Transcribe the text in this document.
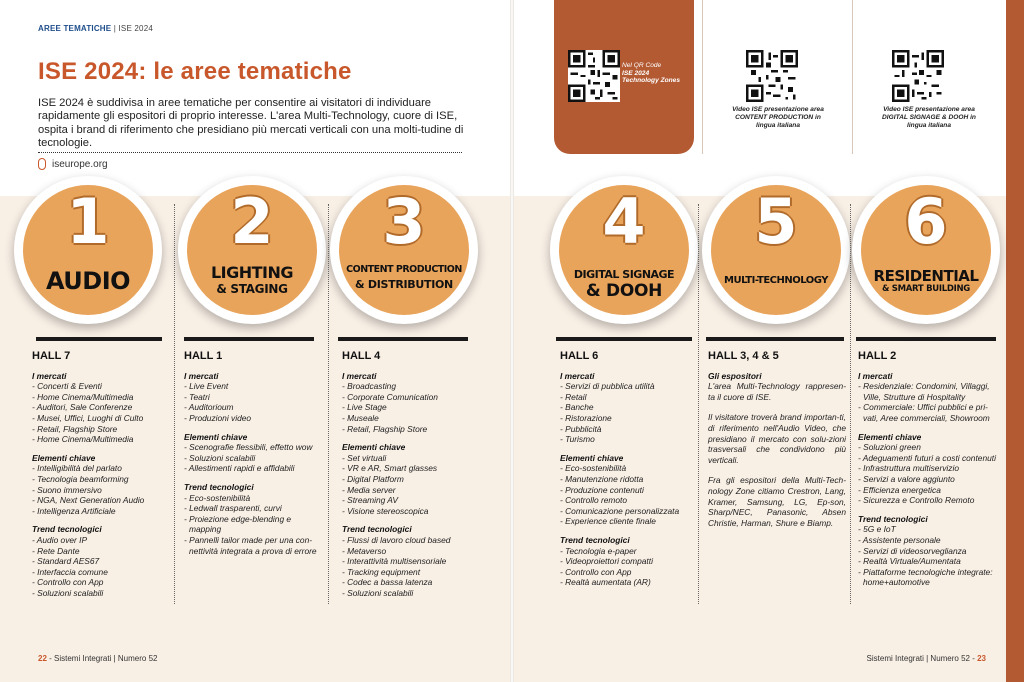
AREE TEMATICHE | ISE 2024
ISE 2024: le aree tematiche
ISE 2024 è suddivisa in aree tematiche per consentire ai visitatori di individuare rapidamente gli espositori di proprio interesse. L'area Multi-Technology, cuore di ISE, ospita i brand di riferimento che presidiano più mercati verticali con una molti-tudine di tecnologie.
iseurope.org
Nel QR Code
ISE 2024
Technology Zones
Video ISE presentazione area
CONTENT PRODUCTION in
lingua italiana
Video ISE presentazione area
DIGITAL SIGNAGE & DOOH in
lingua italiana
1
AUDIO
2
LIGHTING
& STAGING
3
CONTENT PRODUCTION
& DISTRIBUTION
4
DIGITAL SIGNAGE
& DOOH
5
MULTI-TECHNOLOGY
6
RESIDENTIAL
& SMART BUILDING
HALL 7
I mercati
- Concerti & Eventi
- Home Cinema/Multimedia
- Auditori, Sale Conferenze
- Musei, Uffici, Luoghi di Culto
- Retail, Flagship Store
- Home Cinema/Multimedia
Elementi chiave
- Intelligibilità del parlato
- Tecnologia beamforming
- Suono immersivo
- NGA, Next Generation Audio
- Intelligenza Artificiale
Trend tecnologici
- Audio over IP
- Rete Dante
- Standard AES67
- Interfaccia comune
- Controllo con App
- Soluzioni scalabili
HALL 1
I mercati
- Live Event
- Teatri
- Auditorioum
- Produzioni video
Elementi chiave
- Scenografie flessibili, effetto wow
- Soluzioni scalabili
- Allestimenti rapidi e affidabili
Trend tecnologici
- Eco-sostenibilità
- Ledwall trasparenti, curvi
- Proiezione edge-blending e mapping
- Pannelli tailor made per una con-nettività integrata a prova di errore
HALL 4
I mercati
- Broadcasting
- Corporate Comunication
- Live Stage
- Museale
- Retail, Flagship Store
Elementi chiave
- Set virtuali
- VR e AR, Smart glasses
- Digital Platform
- Media server
- Streaming AV
- Visione stereoscopica
Trend tecnologici
- Flussi di lavoro cloud based
- Metaverso
- Interattività multisensoriale
- Tracking equipment
- Codec a bassa latenza
- Soluzioni scalabili
HALL 6
I mercati
- Servizi di pubblica utilità
- Retail
- Banche
- Ristorazione
- Pubblicità
- Turismo
Elementi chiave
- Eco-sostenibilità
- Manutenzione ridotta
- Produzione contenuti
- Controllo remoto
- Comunicazione personalizzata
- Experience cliente finale
Trend tecnologici
- Tecnologia e-paper
- Videoproiettori compatti
- Controllo con App
- Realtà aumentata (AR)
HALL 3, 4 & 5
Gli espositori
L'area Multi-Technology rappresen-ta il cuore di ISE.
Il visitatore troverà brand importan-ti, di riferimento nell'Audio Video, che presidiano il mercato con solu-zioni trasversali che condividono più verticali.
Fra gli espositori della Multi-Tech-nology Zone citiamo Crestron, Lang, Kramer, Samsung, LG, Ep-son, Sharp/NEC, Panasonic, Absen Christie, Harman, Shure e Biamp.
HALL 2
I mercati
- Residenziale: Condomini, Villaggi, Ville, Strutture di Hospitality
- Commerciale: Uffici pubblici e pri-vati, Aree commerciali, Showroom
Elementi chiave
- Soluzioni green
- Adeguamenti futuri a costi contenuti
- Infrastruttura multiservizio
- Servizi a valore aggiunto
- Efficienza energetica
- Sicurezza e Controllo Remoto
Trend tecnologici
- 5G e IoT
- Assistente personale
- Servizi di videosorveglianza
- Realtà Virtuale/Aumentata
- Piattaforme tecnologiche integrate: home+automotive
22 - Sistemi Integrati | Numero 52	Sistemi Integrati | Numero 52 - 23
